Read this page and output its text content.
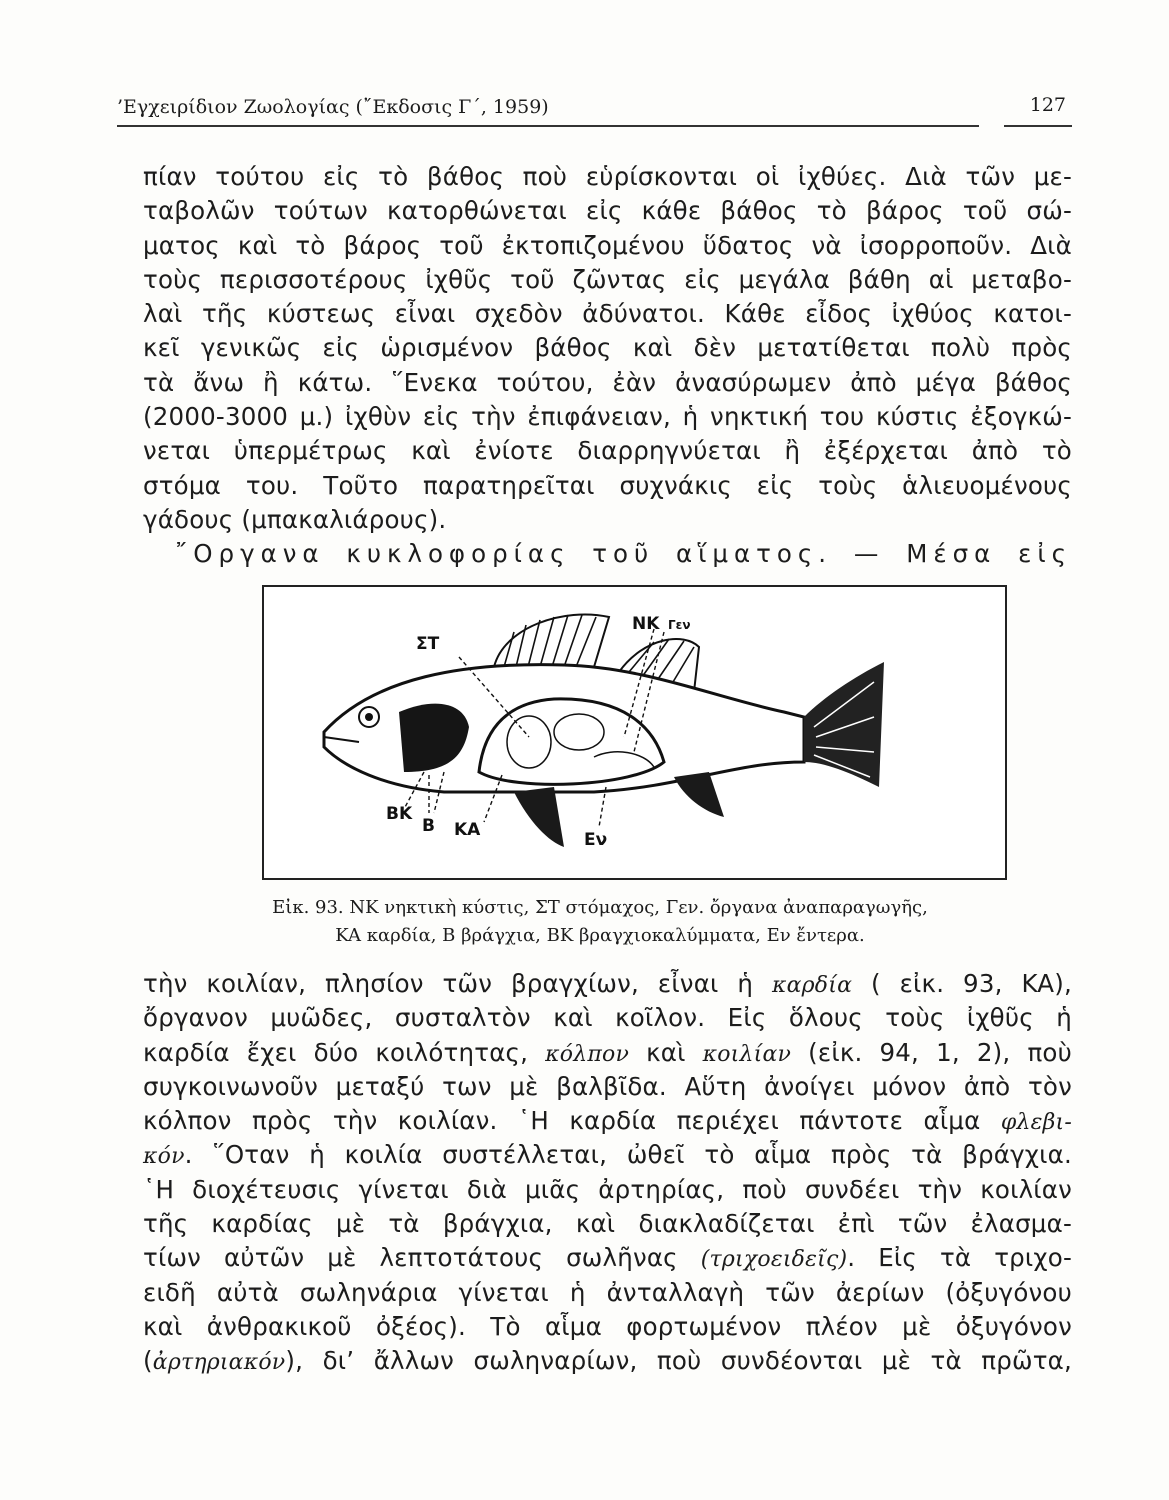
’Εγχειρίδιον Ζωολογίας (῎Εκδοσις Γ΄, 1959)	127
πίαν τούτου εἰς τὸ βάθος ποὺ εὑρίσκονται οἱ ἰχθύες. Διὰ τῶν με-
ταβολῶν τούτων κατορθώνεται εἰς κάθε βάθος τὸ βάρος τοῦ σώ-
ματος καὶ τὸ βάρος τοῦ ἐκτοπιζομένου ὕδατος νὰ ἰσορροποῦν. Διὰ
τοὺς περισσοτέρους ἰχθῦς τοῦ ζῶντας εἰς μεγάλα βάθη αἱ μεταβο-
λαὶ τῆς κύστεως εἶναι σχεδὸν ἀδύνατοι. Κάθε εἶδος ἰχθύος κατοι-
κεῖ γενικῶς εἰς ὡρισμένον βάθος καὶ δὲν μετατίθεται πολὺ πρὸς
τὰ ἄνω ἢ κάτω. ῞Ενεκα τούτου, ἐὰν ἀνασύρωμεν ἀπὸ μέγα βάθος
(2000-3000 μ.) ἰχθὺν εἰς τὴν ἐπιφάνειαν, ἡ νηκτική του κύστις ἐξογκώ-
νεται ὑπερμέτρως καὶ ἐνίοτε διαρρηγνύεται ἢ ἐξέρχεται ἀπὸ τὸ
στόμα του. Τοῦτο παρατηρεῖται συχνάκις εἰς τοὺς ἁλιευομένους
γάδους (μπακαλιάρους).
῎Οργανα κυκλοφορίας τοῦ αἵματος. — Μέσα εἰς
ΣΤ
NK Γεν
BK
B KA	Eν
Εἰκ. 93. NK νηκτικὴ κύστις, ΣΤ στόμαχος, Γεν. ὄργανα ἀναπαραγωγῆς,
KA καρδία, B βράγχια, BK βραγχιοκαλύμματα, Eν ἔντερα.
τὴν κοιλίαν, πλησίον τῶν βραγχίων, εἶναι ἡ καρδία ( εἰκ. 93, KA),
ὄργανον μυῶδες, συσταλτὸν καὶ κοῖλον. Εἰς ὅλους τοὺς ἰχθῦς ἡ
καρδία ἔχει δύο κοιλότητας, κόλπον καὶ κοιλίαν (εἰκ. 94, 1, 2), ποὺ
συγκοινωνοῦν μεταξύ των μὲ βαλβῖδα. Αὕτη ἀνοίγει μόνον ἀπὸ τὸν
κόλπον πρὸς τὴν κοιλίαν. ῾Η καρδία περιέχει πάντοτε αἷμα φλεβι-
κόν. ῞Οταν ἡ κοιλία συστέλλεται, ὠθεῖ τὸ αἷμα πρὸς τὰ βράγχια.
῾Η διοχέτευσις γίνεται διὰ μιᾶς ἀρτηρίας, ποὺ συνδέει τὴν κοιλίαν
τῆς καρδίας μὲ τὰ βράγχια, καὶ διακλαδίζεται ἐπὶ τῶν ἐλασμα-
τίων αὐτῶν μὲ λεπτοτάτους σωλῆνας (τριχοειδεῖς). Εἰς τὰ τριχο-
ειδῆ αὐτὰ σωληνάρια γίνεται ἡ ἀνταλλαγὴ τῶν ἀερίων (ὀξυγόνου
καὶ ἀνθρακικοῦ ὀξέος). Τὸ αἷμα φορτωμένον πλέον μὲ ὀξυγόνον
(ἀρτηριακόν), δι’ ἄλλων σωληναρίων, ποὺ συνδέονται μὲ τὰ πρῶτα,
